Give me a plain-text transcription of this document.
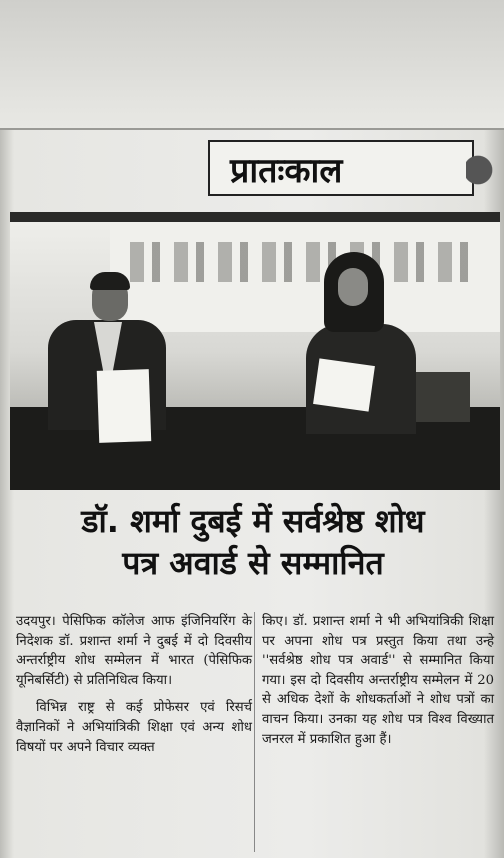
प्रातःकाल
डॉ. शर्मा दुबई में सर्वश्रेष्ठ शोध
पत्र अवार्ड से सम्मानित

उदयपुर। पेसिफिक कॉलेज आफ इंजिनियरिंग के निदेशक डॉ. प्रशान्त शर्मा ने दुबई में दो दिवसीय अन्तर्राष्ट्रीय शोध सम्मेलन में भारत (पेसिफिक यूनिबर्सिटी) से प्रतिनिधित्व किया।

विभिन्न राष्ट्र से कई प्रोफेसर एवं रिसर्च वैज्ञानिकों ने अभियांत्रिकी शिक्षा एवं अन्य शोध विषयों पर अपने विचार व्यक्त

किए। डॉ. प्रशान्त शर्मा ने भी अभियांत्रिकी शिक्षा पर अपना शोध पत्र प्रस्तुत किया तथा उन्हे ''सर्वश्रेष्ठ शोध पत्र अवार्ड'' से सम्मानित किया गया। इस दो दिवसीय अन्तर्राष्ट्रीय सम्मेलन में 20 से अधिक देशों के शोधकर्ताओं ने शोध पत्रों का वाचन किया। उनका यह शोध पत्र विश्व विख्यात जनरल में प्रकाशित हुआ हैं।
